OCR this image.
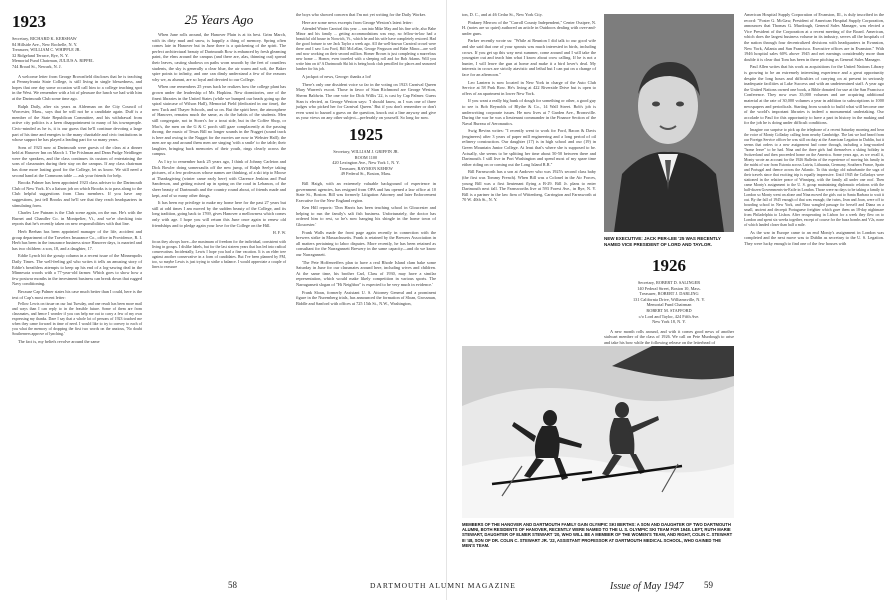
1923
Secretary, RICHARD K. KERSHAW
84 Hillside Ave., New Rochelle, N. Y.
Treasurer, WILLIAM C. WHIPPLE JR.
32 Ridgeland Terrace, Rye, N. Y.
Memorial Fund Chairman, JULIUS A. RIPPEL
744 Broad St., Newark, N. J.

A welcome letter from George Brownfield discloses that he is teaching at Pennsylvania State College, is still living in single blessedness, and hopes that one day some occasion will call him to a college teaching spot in the West. We remember with a bit of pleasure the lunch we had with him at the Dartmouth Club some time ago.

Ralph Daily, after six years as Alderman on the City Council of Worcester, Mass., says that he will not be a candidate again. Duff is a member of the State Republican Committee, and his withdrawal from active city politics is a keen disappointment to many of his townspeople. Civic-minded as he is, it is our guess that he'll continue devoting a large part of his time and energies to the many charitable and civic institutions in whose support he has played a leading part for so many years.

Sons of 1923 now at Dartmouth were guests of the class at a dinner held at Hanover Inn on March 1. The Frishman and Dean Pudge Neidlinger were the speakers, and the class continues its custom of entertaining the sons of classmates during their stay on the campus. If any class chairman has done more lasting good for the College, let us know. We still need a second hand at the Commons table — ask your friends for help.

Brooks Palmer has been appointed 1923 class adviser to the Dartmouth Club of New York. It's a liaison job on which Brooks is to pass along to the Club helpful suggestions from Class members. If you have any suggestions, just tell Brooks and he'll see that they reach headquarters in stimulating form.

Charles Lee Putnam is the Club scene again, on the run. He's with the Burnet and Chandler Co. in Montpelier, Vt., and we're checking into reports that he's recently taken on new responsibilities with that line.

Herb Beehan has been appointed manager of the life, accident and group department of the Travelers Insurance Co., office in Providence, R. I. Herb has been in the insurance business since Hanover days, is married and has two children: a son, 18, and a daughter, 17.

Eddie Lynch hit the gossip column in a recent issue of the Minneapolis Daily Times. The well-feeling gal who writes it tells an amusing story of Eddie's breathless attempts to keep up his end of a log-sawing deal in the Minnesota woods with a 77-year-old farmer. Which goes to show how a few postwar months in the investment business can break down that rugged Navy conditioning.

Because Cap Palmer states his case much better than I could, here is the text of Cap's most recent letter:

Fellow Lewis on tissue on our last Tuesday, and one result has been more mail and ways than I can reply to in the feasible future. Some of them are from classmates, and hence I wonder if you can help me out to carry a few of my own expressing my thanks. Dare I say that a whole lot of persons of 1923 touched me when they came forward in time of need. I would like to try to convey to each of you what the memory of dropping the first two words on the anxious, 'No doubt Southerners approve of lynching.'

The fact is, my beliefs revolve around the same

25 Years Ago

When June rolls around, the Hanover Plain is at its best. Grim March, with its dirty mud and snow, is happily a thing of memory. Spring often comes late in Hanover but in June there is a quickening of the spirit. The perfect architectural beauty of Dartmouth Row is enhanced by fresh gleaming paint, the elms around the campus (and there are, alas, thinning out) spread their leaves, casting shadows on paths worn smooth by the feet of countless students, the sky is generally a clear blue, the air warm and soft, the Baker spire points to infinity, and one can dimly understand a few of the reasons why we, as alumni, are so loyal and devoted to our College.

When one remembers 25 years back he realizes how the college plant has grown under the leadership of Mr. Hopkins. New dormitories, one of the finest libraries in the United States (while we bumped our heads going up the spiral staircase of Wilson Hall), Memorial Field (dedicated in our time), the new Tuck and Thayer Schools, and so on. But the spirit here, the atmosphere of Hanover, remains much the same, as do the habits of the students. Men still congregate, not in Storrs's for a trout side, but in the Coffee Shop, or Mac's, the men on the G & C porch still gaze complacently at the passing throng; the music of Texas Bill no longer sounds in the Nugget (sound track is here and owing to the Nugget for the movies are now in Webster Hall); the men are up and around them men are singing 'with a smile' to the table; their laughter, bringing back memories of their youth, rings clearly across the campus.

As I try to remember back 25 years ago, I think of Johnny Carleton and Dick Bowler doing somersaults off the new jump, of Ralph Seelye taking pictures, of a few professors whose names are thinking, of a ski trip to Moose at Thanksgiving (winter came early here) with Clarence Jenkins and Paul Sanderson, and getting mixed up in spring on the road in Lebanon, of the sheer beauty of Dartmouth and the country round about, of friends made and kept, and of so many other things.

It has been my privilege to make my home here for the past 27 years but still at odd times I am moved by the sudden beauty of the College, and its long tradition, going back to 1769, gives Hanover a mellowness which comes only with age. I hope you will return this June once again to renew old friendships and to pledge again your love for the College on the Hill.

H. F. W.

focus they always have—the maximum of freedom for the individual, consistent with living in groups. I dislike labels, but for the last sixteen years that has led into radical conservatism. Incidentally, Lewis I hope you had a fine vacation. It is an elder tree against another conservative in a form of candidates. But I've been planned by FM, too, so maybe Lewis is just trying to strike a balance. I would appreciate a couple of lines to reassure

the boys who showed concern that I'm not yet writing for the Daily Worker.

Here are some news excerpts from George Weston's latest letter:

Attended Winter Carnival this year ... ran into Mike May and his fine wife, also Babe Minor and his family ... getting accommodations was easy, no fellow-in-law had a beautiful old house in Norwich, Vt., which he and his wife have completely restored. Had the good fortune to see Jack Taylor a week ago. All the well-known Carnival crowd were there and I saw Lou Ford, Bill McLellan, George Ferguson and Babe Minor—are well and now working on their second million. Homer Brown is just completing a marvelous new home ... Homer, even traveled with a sleeping roll and for Bob Adams. Will you write him on it? A Dartmouth Ski hit is being book club pencilled for places and seasoned lumber for his job.

A jackpot of news, George: thanks a lot!

There's only one dissident voice so far in the voting on 1923 Carnival Queen Mary Warren's escort. Those in favor of Stan Richmond are George Weston, Sherm Baldwin. The one vote for Dick Willis '22, is cast by Cap Palmer. Guess Stan is elected, as George Weston says: 'I should know, as I was one of three judges who picked her for Carnival Queen.' But if you don't remember or don't even want to hazard a guess on the question, knock out a line anyway and give us your views on any other subject—preferably on yourself. So long for now.

1925
Secretary, WILLIAM J. GRIFFIN JR.
ROOM 1100
420 Lexington Ave., New York 1, N. Y.
Treasurer, RAYMON KEHEW
49 Federal St., Boston, Mass.

Bill Haigh, with an extremely valuable background of experience in government agencies, has resigned from OPA and has opened a law office at 10 State St., Boston. Bill was formerly Litigation Attorney and later Enforcement Executive for the New England region.

Ken Hill reports: 'Don Harris has been teaching school in Gloucester and helping to run the family's salt fish business. Unfortunately, the doctor has ordered him to rest, so he's now hanging his shingle in the home town of Gloucester.'

Frank Walls made the front page again recently in connection with the brewers strike in Massachusetts. Frank is retained by the Brewers Association in all matters pertaining to labor disputes. More recently, he has been retained as consultant for the Narragansett Brewery in the same capacity—and do we know our Narragansett.

'The Pete Hoffenreffers plan to have a real Rhode Island clam bake some Saturday in June for our classmates around here, including wives and children. At the same time, his brother Carl, Class of 1930, may have a similar representation, which would make likely competition in various sports. The Narragansett slogan of "Hi Neighbor" is expected to be very much in evidence.'

Frank Sloan, formerly Assistant U. S. Attorney General and a prominent figure in the Nuremberg trials, has announced the formation of Sloan, Grossman, Biddle and Sanford with offices at 725 15th St., N.W., Washington,

58	DARTMOUTH ALUMNI MAGAZINE

ton, D. C., and at 46 Cedar St., New York City.

Pinkney Merrow of the "Carroll County Independent," Center Ossipee, N. H. (notes are so quiet) authored an article in Outdoors dealing with over-and-under guns.

Parker recently wrote us: "While at Reunion I did talk to our good wife and she said that one of your sprouts was much interested in birds, including crows. If you get up this way next summer, come around and I will take the youngster out and teach him what I know about crow calling. If he is not a hunter, I will leave the gun at home and make it a bird lover's deal. My interests in crows are strictly atavistic and lethal but I can put on a change of face for an afternoon."

Leo Lantern is now located in New York in charge of the Auto Club Service at 58 Park Row. He's living at 422 Riverside Drive but is open to offers of an apartment in lower New York.

If you want a really big hunk of dough for something or other, a good guy to see is Bob Reynolds of Blythe & Co., 14 Wall Street. Bob's job is underwriting corporate issues. He now lives at 7 Garden Ave., Bronxville. During the war he was a lieutenant commander in the Finance Section of the Naval Bureau of Aeronautics.

Swig Bevins writes: "I recently went to work for Ford, Bacon & Davis (engineers) after 3 years of paper mill engineering and a long period of oil refinery construction. Our daughter (17) is in high school and our (19) in Green Mountain Junior College. At least that's where she is supposed to be. Actually, she seems to be splitting her time about 50-50 between there and Dartmouth. I still live in Port Washington and spend most of my spare time either riding on or coming out the Long Island R.R."

Bill Farnsworth has a son at Andover who was 1925's second class baby (the first was Tommy French). When Bill was a Colonel in the Air Forces, young Bill was a first lieutenant flying a B-29. Bill Jr. plans to enter Dartmouth next fall. The Farnsworths live at 593 Forest Ave., in Rye, N. Y. Bill is a partner in the law firm of Wittenberg, Carrington and Farnsworth at 70 W. 40th St., N. Y.

NEW EXECUTIVE: JACK PER-LEE '25 WAS RECENTLY NAMED VICE PRESIDENT OF LORD AND TAYLOR.
1926
Secretary, ROBERT D. SALINGER
140 Federal Street, Boston 10, Mass.
Treasurer, ROBERT J. DARLING
131 California Drive, Williamsville, N. Y.
Memorial Fund Chairman
ROBERT M. STAFFORD
c/o Lord and Taylor, 424 Fifth Ave.
New York 18, N. Y.

A new month rolls around, and with it comes good news of another stalwart member of the class of 1926. We call on Pete Murdough to arise and take his bow while the following release on the letterhead of

MEMBERS OF THE HANOVER AND DARTMOUTH FAMILY GAIN OLYMPIC SKI BERTHS: A SON AND DAUGHTER OF TWO DARTMOUTH ALUMNI, BOTH RESIDENTS OF HANOVER, RECENTLY WERE NAMED TO THE U. S. OLYMPIC SKI TEAM FOR 1948. LEFT, RUTH MARIE STEWART, DAUGHTER OF ELMER STEWART '20, WHO WILL BE A MEMBER OF THE WOMEN'S TEAM, AND RIGHT, COLIN C. STEWART III '48, SON OF DR. COLIN C. STEWART JR. '22, ASSISTANT PROFESSOR AT DARTMOUTH MEDICAL SCHOOL, WHO GAINED THE MEN'S TEAM.

American Hospital Supply Corporation of Evanston, Ill., is duly inscribed in the record: "Foster G. McGaw, President of American Hospital Supply Corporation, announces that Thomas G. Murdough, General Sales Manager, was elected a Vice President of the Corporation at a recent meeting of the Board. American, which does the largest business volume in its industry, serves all the hospitals of the nation through four decentralized divisions with headquarters in Evanston, New York, Atlanta and San Francisco. Executive offices are in Evanston." With 1946 hospital sales 60% above 1945 and net earnings considerably more than double it is clear that Tom has been in there pitching as General Sales Manager.

Paul Allen writes that his work as acquisitions for the United Nations Library is growing to be an extremely interesting experience and a great opportunity despite the long hours and difficulties of carrying on at present in seriously inadequate facilities at Lake Success and with an undetermined staff. A year ago the United Nations owned one book, a Bible donated for use at the San Francisco Conference. They now own 35,000 volumes and are acquiring additional material at the rate of 30,000 volumes a year in addition to subscriptions to 1000 newspapers and periodicals. Starting from scratch to build what will become one of the world's important libraries is indeed a monumental undertaking. Our accolade to Paul for this opportunity to have a part in history in the making and for the job he is doing under difficult conditions.

Imagine our surprise to pick up the telephone of a recent Saturday morning and hear the voice of Monty Colladay calling from nearby Cambridge. The last we had heard from our Foreign Service officer he was still on duty at the American Legation in Dublin, but it seems that orders to a new assignment had come through, including a long-awaited "home leave" to be had. Nina and the three girls had themselves a skiing holiday in Switzerland and then proceeded home on the America. Some years ago, as we recall it, Monty wrote an account for the 1926 Bulletin of the experience of moving his family in the midst of war from Estonia across Latvia, Lithuania, Germany, Southern France, Spain and Portugal and thence across the Atlantic. To this stodgy old suburbanite the saga of their travels since that exciting trip is equally impressive. Until 1945 the Colladays were stationed in the relative peace of Winnipeg, with the family all under one roof. Then came Monty's assignment to the U. S. group maintaining diplomatic relations with the half-dozen Governments-in-Exile in London. Those were no days to be taking a family to London so Monty went on alone and Nina moved the girls out to Santa Barbara to wait it out. By the fall of 1945 enough of that was enough; the twins, Jean and Joan, were off to boarding school in New York, and Nina wangled passage for herself and Diana on a small, ancient and decrepit Portuguese freighter which gave them an 18-day nightmare from Philadelphia to Lisbon. After recuperating in Lisbon for a week they flew on to London and spent six weeks together, except of course for the buzz bombs and V2s, none of which landed closer than half a mile.

As the war in Europe came to an end Monty's assignment in London was completed and the next move was to Dublin as secretary to the U. S. Legation. They were lucky enough to find one of the few houses with

Issue of May 1947 59
